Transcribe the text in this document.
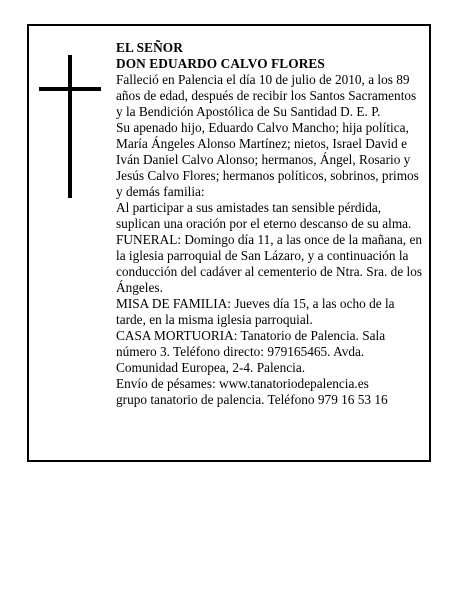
EL SEÑOR

DON EDUARDO CALVO FLORES

Falleció en Palencia el día 10 de julio de 2010, a los 89 años de edad, después de recibir los Santos Sacramentos y la Bendición Apostólica de Su Santidad D. E. P.

Su apenado hijo, Eduardo Calvo Mancho; hija política, María Ángeles Alonso Martínez; nietos, Israel David e Iván Daniel Calvo Alonso; hermanos, Ángel, Rosario y Jesús Calvo Flores; hermanos políticos, sobrinos, primos y demás familia:

Al participar a sus amistades tan sensible pérdida, suplican una oración por el eterno descanso de su alma.

FUNERAL: Domingo día 11, a las once de la mañana, en la iglesia parroquial de San Lázaro, y a continuación la conducción del cadáver al cementerio de Ntra. Sra. de los Ángeles.

MISA DE FAMILIA: Jueves día 15, a las ocho de la tarde, en la misma iglesia parroquial.

CASA MORTUORIA: Tanatorio de Palencia. Sala número 3. Teléfono directo: 979165465. Avda. Comunidad Europea, 2-4. Palencia.

Envío de pésames: www.tanatoriodepalencia.es

grupo tanatorio de palencia. Teléfono 979 16 53 16
